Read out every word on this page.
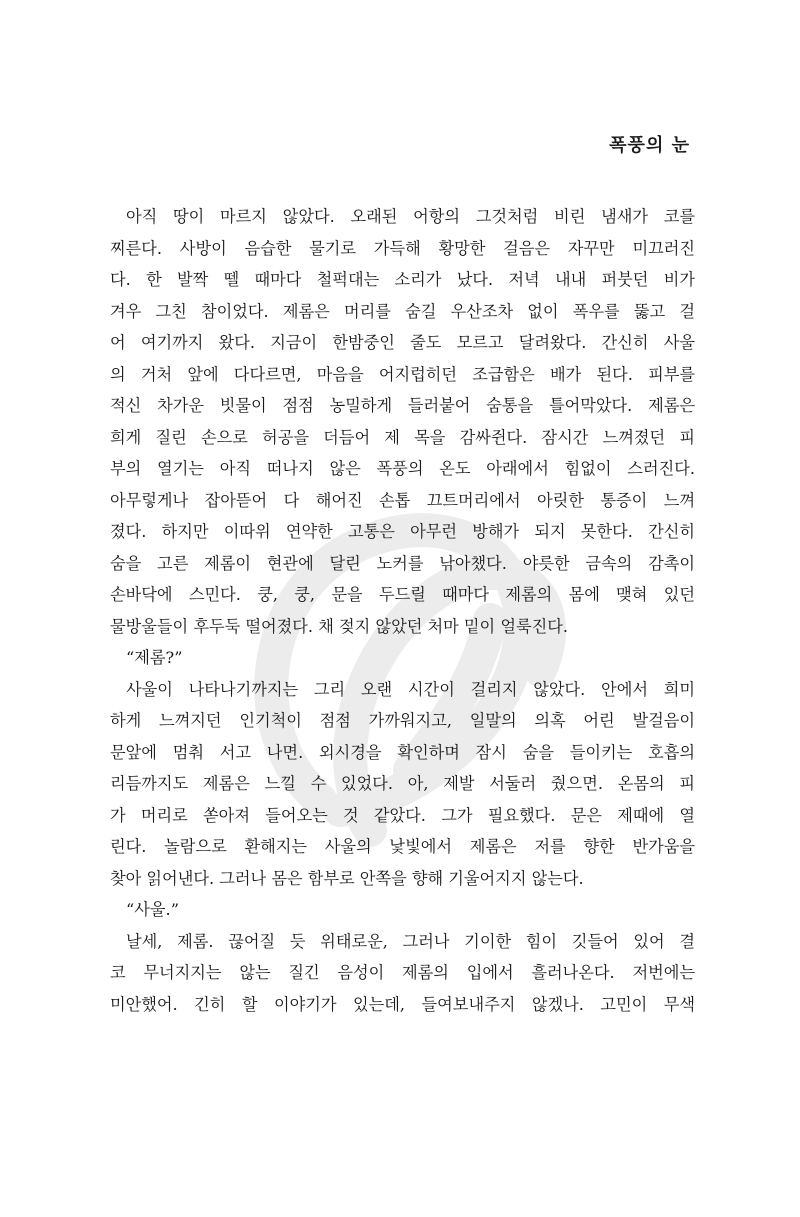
폭풍의 눈
아직 땅이 마르지 않았다. 오래된 어항의 그것처럼 비린 냄새가 코를
찌른다. 사방이 음습한 물기로 가득해 황망한 걸음은 자꾸만 미끄러진
다. 한 발짝 뗄 때마다 철퍽대는 소리가 났다. 저녁 내내 퍼붓던 비가
겨우 그친 참이었다. 제롬은 머리를 숨길 우산조차 없이 폭우를 뚫고 걸
어 여기까지 왔다. 지금이 한밤중인 줄도 모르고 달려왔다. 간신히 사울
의 거처 앞에 다다르면, 마음을 어지럽히던 조급함은 배가 된다. 피부를
적신 차가운 빗물이 점점 농밀하게 들러붙어 숨통을 틀어막았다. 제롬은
희게 질린 손으로 허공을 더듬어 제 목을 감싸쥔다. 잠시간 느껴졌던 피
부의 열기는 아직 떠나지 않은 폭풍의 온도 아래에서 힘없이 스러진다.
아무렇게나 잡아뜯어 다 해어진 손톱 끄트머리에서 아릿한 통증이 느껴
졌다. 하지만 이따위 연약한 고통은 아무런 방해가 되지 못한다. 간신히
숨을 고른 제롬이 현관에 달린 노커를 낚아챘다. 야릇한 금속의 감촉이
손바닥에 스민다. 쿵, 쿵, 문을 두드릴 때마다 제롬의 몸에 맺혀 있던
물방울들이 후두둑 떨어졌다. 채 젖지 않았던 처마 밑이 얼룩진다.
“제롬?”
사울이 나타나기까지는 그리 오랜 시간이 걸리지 않았다. 안에서 희미
하게 느껴지던 인기척이 점점 가까워지고, 일말의 의혹 어린 발걸음이
문앞에 멈춰 서고 나면. 외시경을 확인하며 잠시 숨을 들이키는 호흡의
리듬까지도 제롬은 느낄 수 있었다. 아, 제발 서둘러 줬으면. 온몸의 피
가 머리로 쏟아져 들어오는 것 같았다. 그가 필요했다. 문은 제때에 열
린다. 놀람으로 환해지는 사울의 낯빛에서 제롬은 저를 향한 반가움을
찾아 읽어낸다. 그러나 몸은 함부로 안쪽을 향해 기울어지지 않는다.
“사울.”
날세, 제롬. 끊어질 듯 위태로운, 그러나 기이한 힘이 깃들어 있어 결
코 무너지지는 않는 질긴 음성이 제롬의 입에서 흘러나온다. 저번에는
미안했어. 긴히 할 이야기가 있는데, 들여보내주지 않겠나. 고민이 무색
